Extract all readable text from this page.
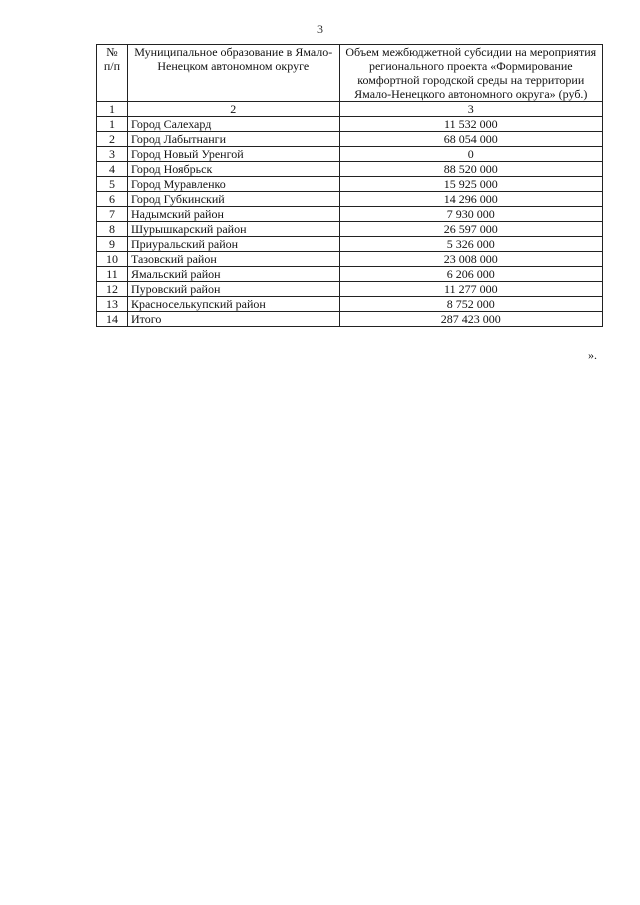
3
№ п/п	Муниципальное образование в Ямало-Ненецком автономном округе	Объем межбюджетной субсидии на мероприятия регионального проекта «Формирование комфортной городской среды на территории Ямало-Ненецкого автономного округа» (руб.)
1	2	3
1	Город Салехард	11 532 000
2	Город Лабытнанги	68 054 000
3	Город Новый Уренгой	0
4	Город Ноябрьск	88 520 000
5	Город Муравленко	15 925 000
6	Город Губкинский	14 296 000
7	Надымский район	7 930 000
8	Шурышкарский район	26 597 000
9	Приуральский район	5 326 000
10	Тазовский район	23 008 000
11	Ямальский район	6 206 000
12	Пуровский район	11 277 000
13	Красноселькупский район	8 752 000
14	Итого	287 423 000
».
